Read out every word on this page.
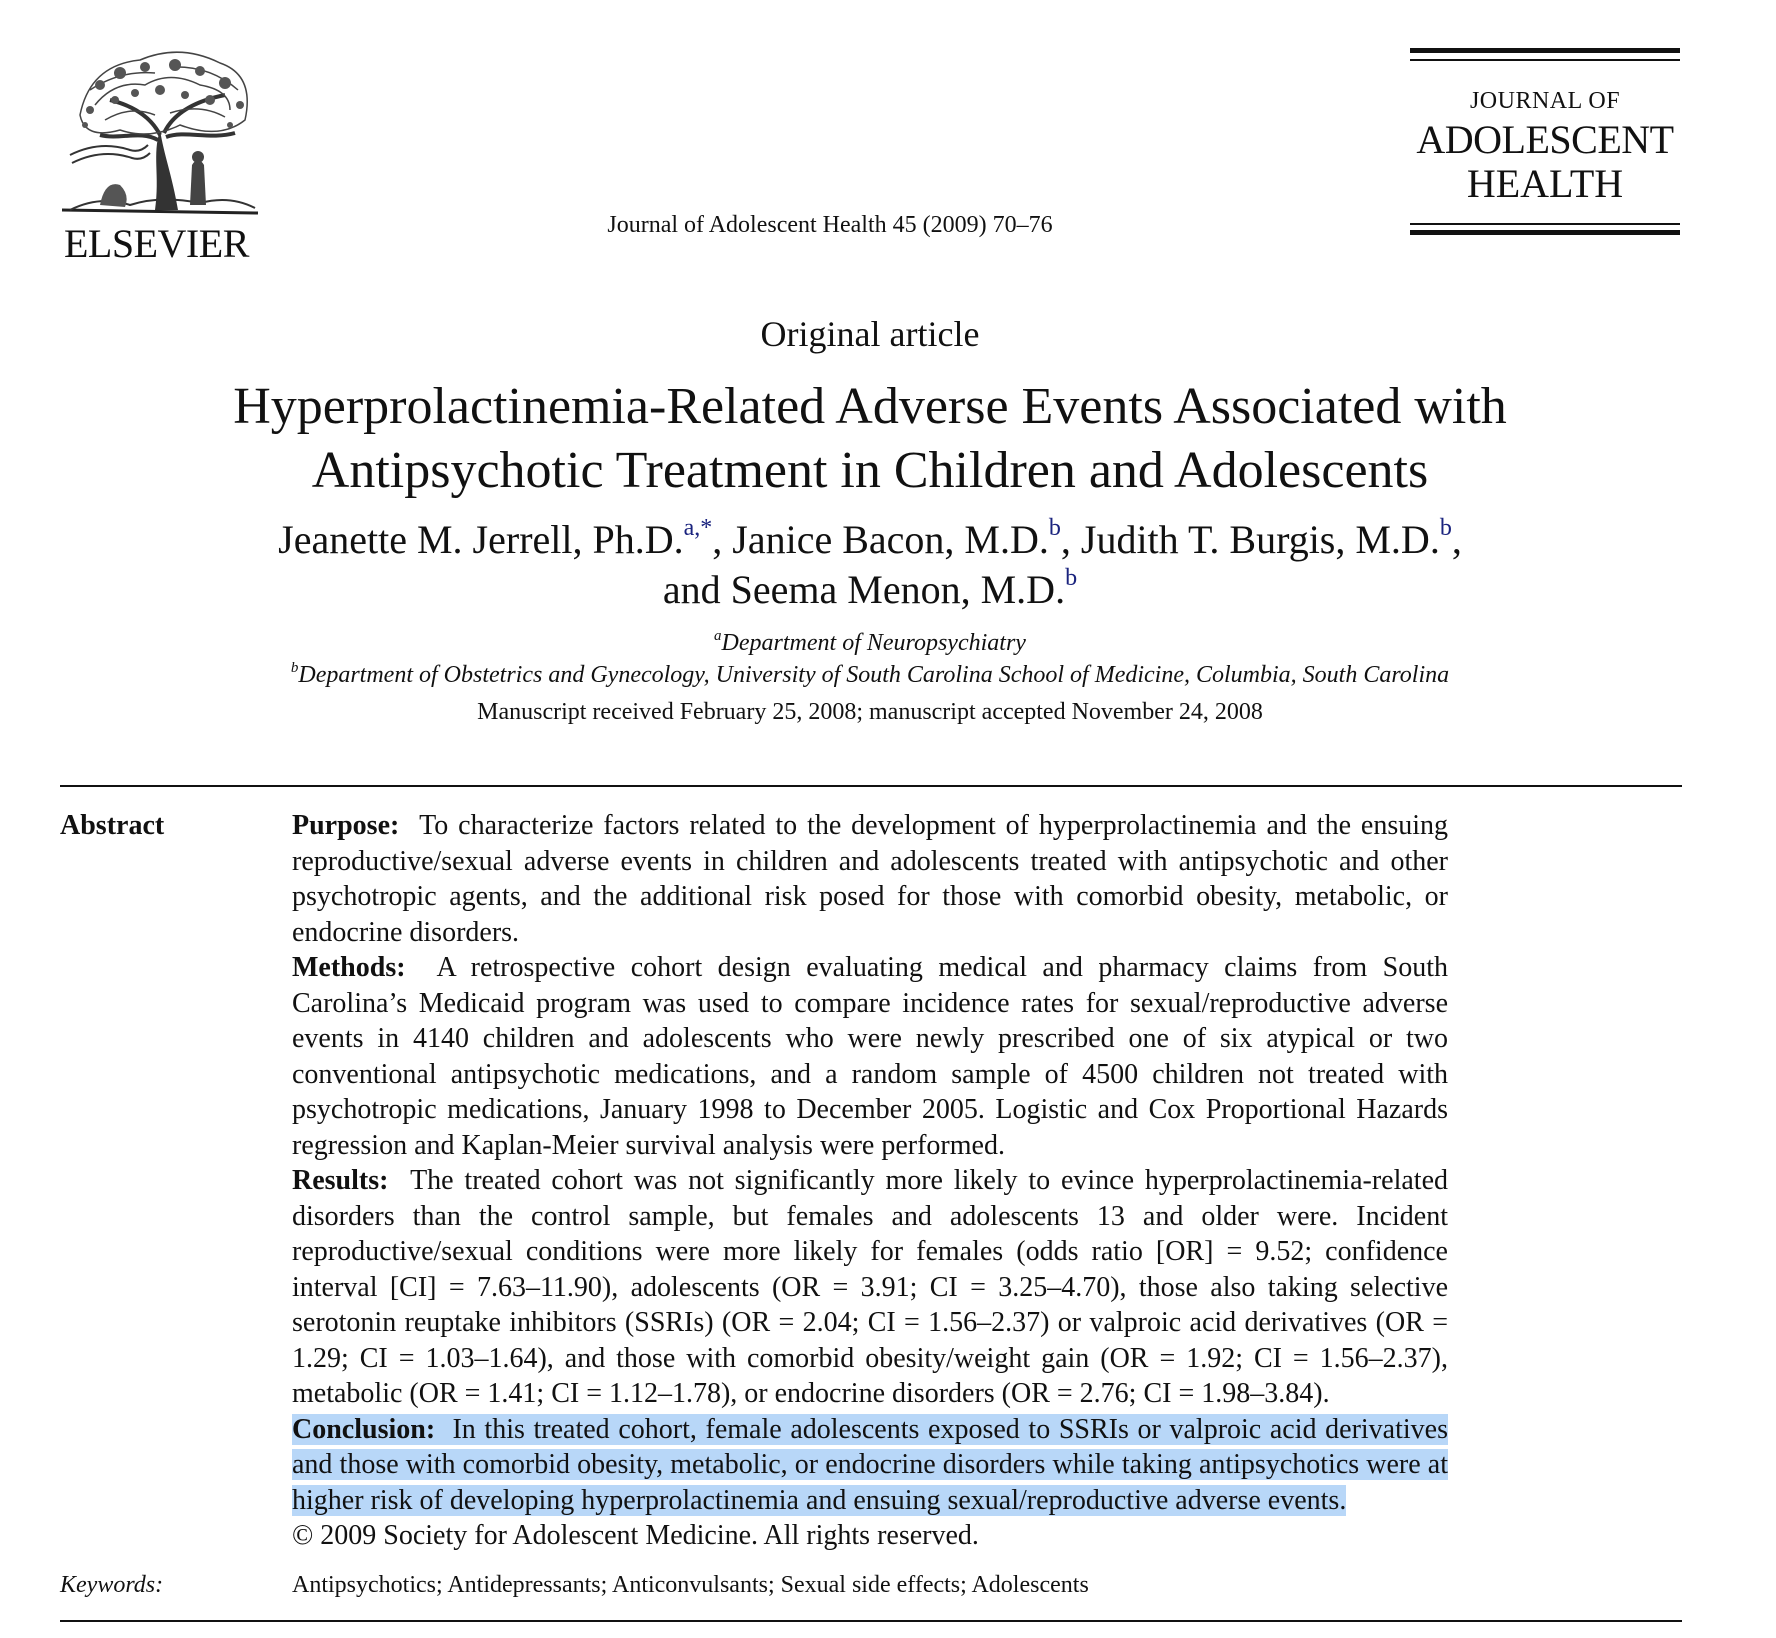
ELSEVIER	Journal of Adolescent Health 45 (2009) 70–76
JOURNAL OF
ADOLESCENT
HEALTH
Original article
Hyperprolactinemia-Related Adverse Events Associated with
Antipsychotic Treatment in Children and Adolescents
Jeanette M. Jerrell, Ph.D.$^{a,*}$, Janice Bacon, M.D.$^b$, Judith T. Burgis, M.D.$^b$,
and Seema Menon, M.D.$^b$
$^a$Department of Neuropsychiatry
$^b$Department of Obstetrics and Gynecology, University of South Carolina School of Medicine, Columbia, South Carolina
Manuscript received February 25, 2008; manuscript accepted November 24, 2008
Abstract	Purpose: To characterize factors related to the development of hyperprolactinemia and the ensuing reproductive/sexual adverse events in children and adolescents treated with antipsychotic and other psychotropic agents, and the additional risk posed for those with comorbid obesity, metabolic, or endocrine disorders.
Methods: A retrospective cohort design evaluating medical and pharmacy claims from South Carolina’s Medicaid program was used to compare incidence rates for sexual/reproductive adverse events in 4140 children and adolescents who were newly prescribed one of six atypical or two conventional antipsychotic medications, and a random sample of 4500 children not treated with psychotropic medications, January 1998 to December 2005. Logistic and Cox Proportional Hazards regression and Kaplan-Meier survival analysis were performed.
Results: The treated cohort was not significantly more likely to evince hyperprolactinemia-related disorders than the control sample, but females and adolescents 13 and older were. Incident reproductive/sexual conditions were more likely for females (odds ratio [OR] = 9.52; confidence interval [CI] = 7.63–11.90), adolescents (OR = 3.91; CI = 3.25–4.70), those also taking selective serotonin reuptake inhibitors (SSRIs) (OR = 2.04; CI = 1.56–2.37) or valproic acid derivatives (OR = 1.29; CI = 1.03–1.64), and those with comorbid obesity/weight gain (OR = 1.92; CI = 1.56–2.37), metabolic (OR = 1.41; CI = 1.12–1.78), or endocrine disorders (OR = 2.76; CI = 1.98–3.84).
Conclusion: In this treated cohort, female adolescents exposed to SSRIs or valproic acid derivatives and those with comorbid obesity, metabolic, or endocrine disorders while taking antipsychotics were at higher risk of developing hyperprolactinemia and ensuing sexual/reproductive adverse events.
© 2009 Society for Adolescent Medicine. All rights reserved.
Keywords:	Antipsychotics; Antidepressants; Anticonvulsants; Sexual side effects; Adolescents
